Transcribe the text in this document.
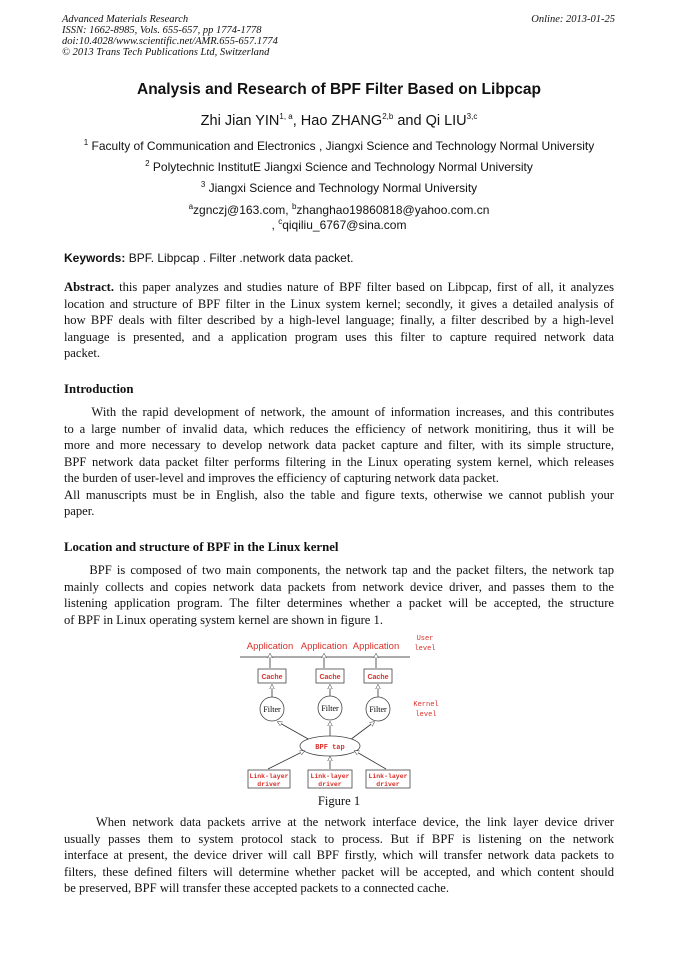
Advanced Materials Research
ISSN: 1662-8985, Vols. 655-657, pp 1774-1778
doi:10.4028/www.scientific.net/AMR.655-657.1774
© 2013 Trans Tech Publications Ltd, Switzerland
Online: 2013-01-25
Analysis and Research of BPF Filter Based on Libpcap
Zhi Jian YIN$^{1, a}$, Hao ZHANG$^{2,b}$ and Qi LIU$^{3,c}$
$^1$ Faculty of Communication and Electronics , Jiangxi Science and Technology Normal University
$^2$ Polytechnic InstitutE Jiangxi Science and Technology Normal University
$^3$ Jiangxi Science and Technology Normal University
$^a$zgnczj@163.com, $^b$zhanghao19860818@yahoo.com.cn
, $^c$qiqiliu_6767@sina.com
Keywords: BPF. Libpcap . Filter .network data packet.
Abstract. this paper analyzes and studies nature of BPF filter based on Libpcap, first of all, it analyzes
location and structure of BPF filter in the Linux system kernel; secondly, it gives a detailed analysis of
how BPF deals with filter described by a high-level language; finally, a filter described by a high-level
language is presented, and a application program uses this filter to capture required network data
packet.
Introduction
With the rapid development of network, the amount of information increases, and this contributes
to a large number of invalid data, which reduces the efficiency of network monitiring, thus it will be
more and more necessary to develop network data packet capture and filter, with its simple structure,
BPF network data packet filter performs filtering in the Linux operating system kernel, which releases
the burden of user-level and improves the efficiency of capturing network data packet.
All manuscripts must be in English, also the table and figure texts, otherwise we cannot publish your
paper.
Location and structure of BPF in the Linux kernel
BPF is composed of two main components, the network tap and the packet filters, the network tap
mainly collects and copies network data packets from network device driver, and passes them to the
listening application program. The filter determines whether a packet will be accepted, the structure
of BPF in Linux operating system kernel are shown in figure 1.
Application Application Application
User
level
Cache	Cache	Cache
Filter	Filter	Filter	Kernel
level
BPF tap
Link-layer
driver
Link-layer
driver
Link-layer
driver
Figure 1
When network data packets arrive at the network interface device, the link layer device driver
usually passes them to system protocol stack to process. But if BPF is listening on the network
interface at present, the device driver will call BPF firstly, which will transfer network data packets to
filters, these defined filters will determine whether packet will be accepted, and which content should
be preserved, BPF will transfer these accepted packets to a connected cache.
